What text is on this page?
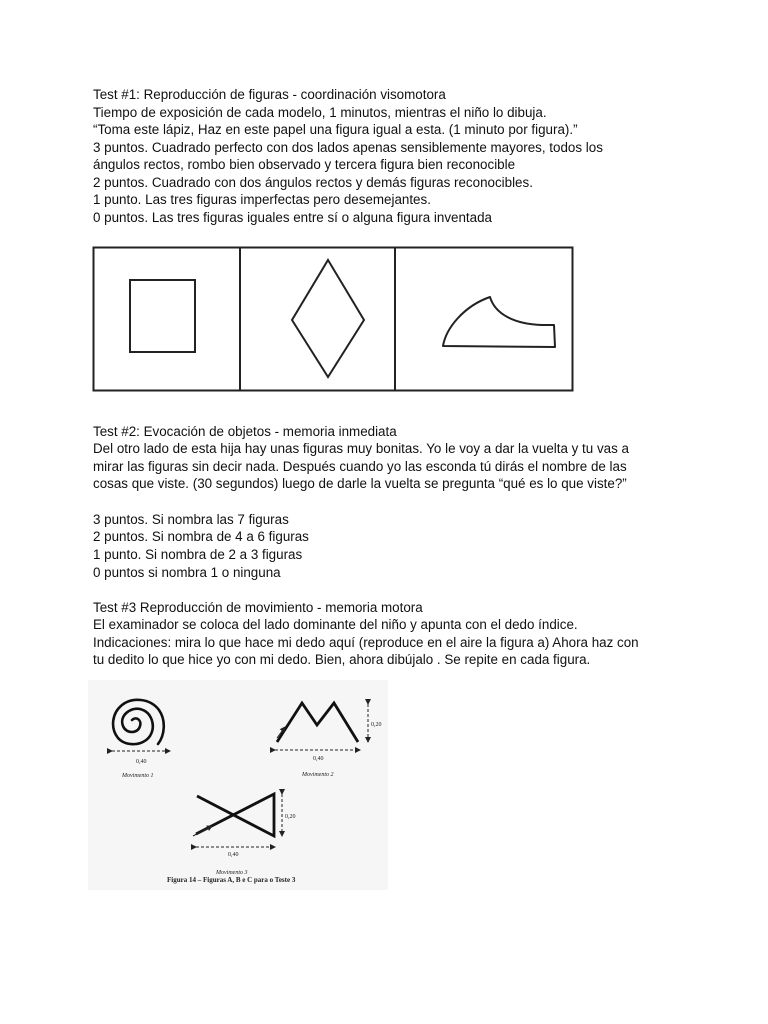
Test #1: Reproducción de figuras - coordinación visomotora
Tiempo de exposición de cada modelo, 1 minutos, mientras el niño lo dibuja.
“Toma este lápiz, Haz en este papel una figura igual a esta. (1 minuto por figura).”
3 puntos. Cuadrado perfecto con dos lados apenas sensiblemente mayores, todos los
ángulos rectos, rombo bien observado y tercera figura bien reconocible
2 puntos. Cuadrado con dos ángulos rectos y demás figuras reconocibles.
1 punto. Las tres figuras imperfectas pero desemejantes.
0 puntos. Las tres figuras iguales entre sí o alguna figura inventada
Test #2: Evocación de objetos - memoria inmediata
Del otro lado de esta hija hay unas figuras muy bonitas. Yo le voy a dar la vuelta y tu vas a
mirar las figuras sin decir nada. Después cuando yo las esconda tú dirás el nombre de las
cosas que viste. (30 segundos) luego de darle la vuelta se pregunta “qué es lo que viste?”
3 puntos. Si nombra las 7 figuras
2 puntos. Si nombra de 4 a 6 figuras
1 punto. Si nombra de 2 a 3 figuras
0 puntos si nombra 1 o ninguna
Test #3 Reproducción de movimiento - memoria motora
El examinador se coloca del lado dominante del niño y apunta con el dedo índice.
Indicaciones: mira lo que hace mi dedo aquí (reproduce en el aire la figura a) Ahora haz con
tu dedito lo que hice yo con mi dedo. Bien, ahora dibújalo . Se repite en cada figura.
0,40
Movimento 1
0,40
0,20
Movimento 2
0,40
0,20
Movimento 3
Figura 14 – Figuras A, B e C para o Teste 3
